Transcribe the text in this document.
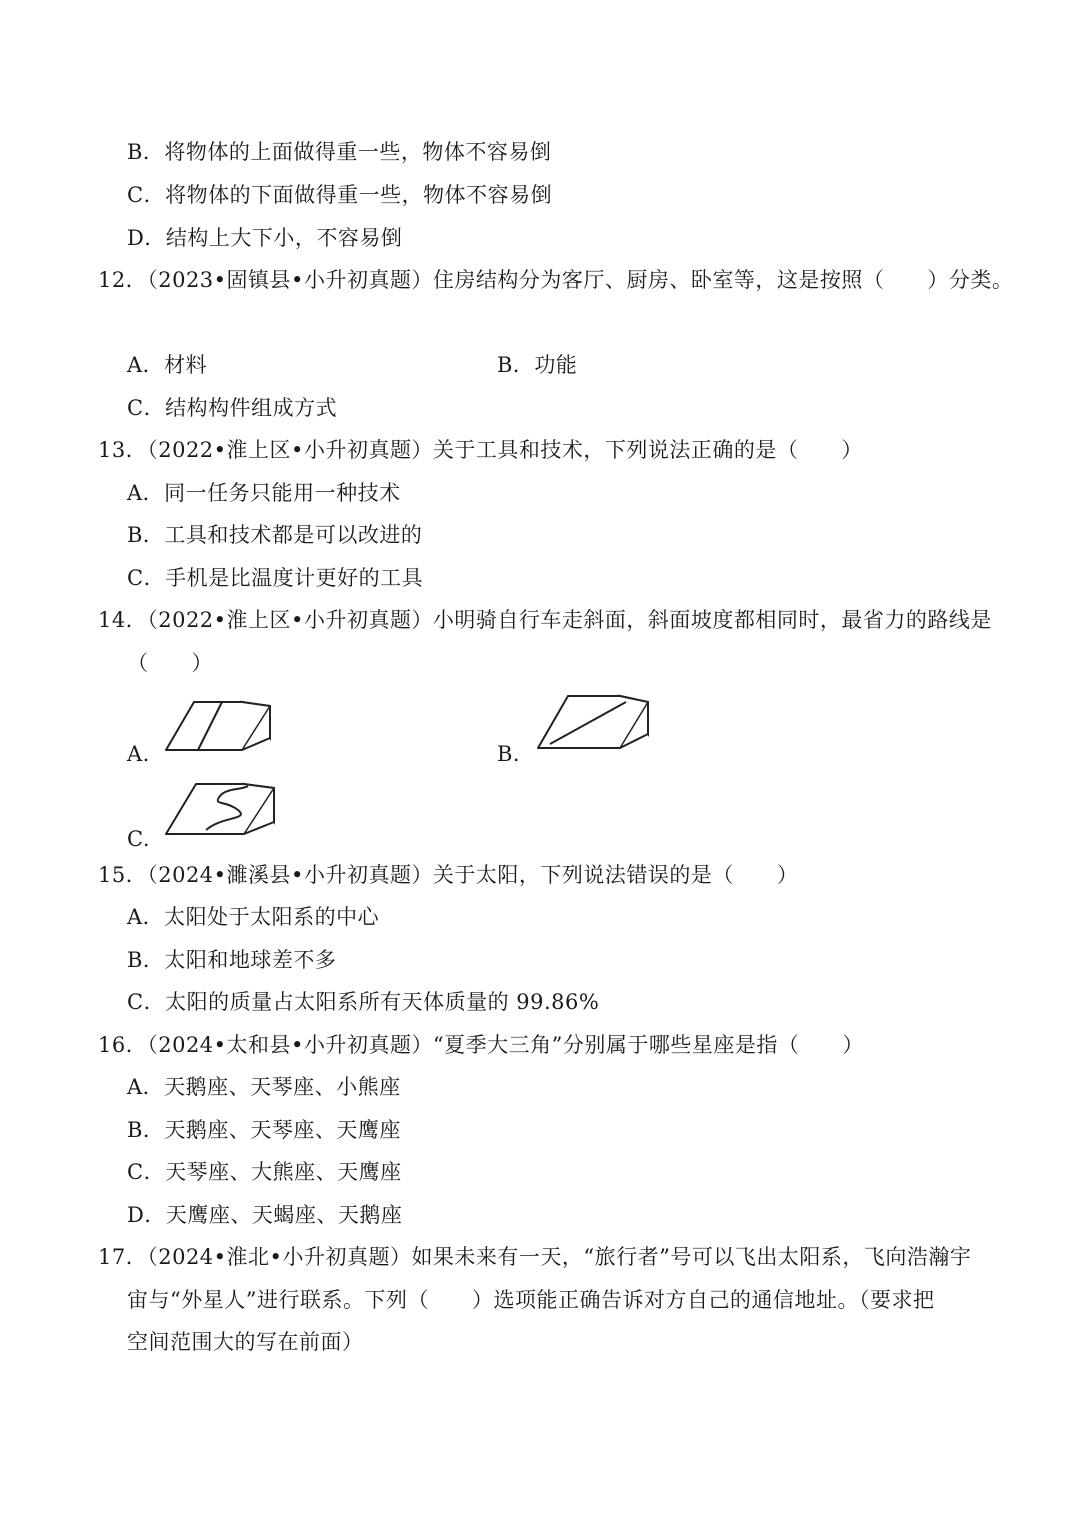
B．将物体的上面做得重一些，物体不容易倒
C．将物体的下面做得重一些，物体不容易倒
D．结构上大下小，不容易倒
12．（2023•固镇县•小升初真题）住房结构分为客厅、厨房、卧室等，这是按照（　　）分类。
A．材料	B．功能
C．结构构件组成方式
13．（2022•淮上区•小升初真题）关于工具和技术，下列说法正确的是（　　）
A．同一任务只能用一种技术
B．工具和技术都是可以改进的
C．手机是比温度计更好的工具
14．（2022•淮上区•小升初真题）小明骑自行车走斜面，斜面坡度都相同时，最省力的路线是
（　　）
A.	B.
C.
15．（2024•濉溪县•小升初真题）关于太阳，下列说法错误的是（　　）
A．太阳处于太阳系的中心
B．太阳和地球差不多
C．太阳的质量占太阳系所有天体质量的 99.86%
16．（2024•太和县•小升初真题）“夏季大三角”分别属于哪些星座是指（　　）
A．天鹅座、天琴座、小熊座
B．天鹅座、天琴座、天鹰座
C．天琴座、大熊座、天鹰座
D．天鹰座、天蝎座、天鹅座
17．（2024•淮北•小升初真题）如果未来有一天，“旅行者”号可以飞出太阳系，飞向浩瀚宇
宙与“外星人”进行联系。下列（　　）选项能正确告诉对方自己的通信地址。（要求把
空间范围大的写在前面）
